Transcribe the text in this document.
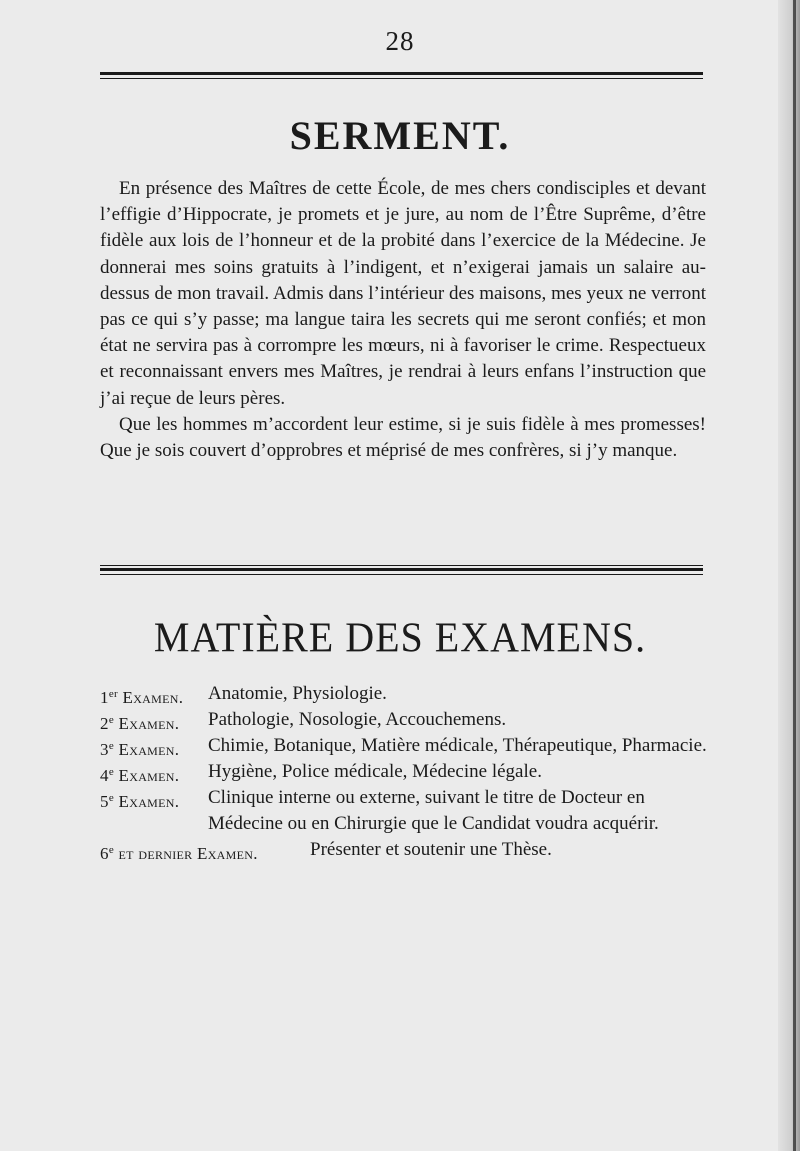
28
SERMENT.

En présence des Maîtres de cette École, de mes chers condisciples et devant l’effigie d’Hippocrate, je promets et je jure, au nom de l’Être Suprême, d’être fidèle aux lois de l’honneur et de la probité dans l’exercice de la Médecine. Je donnerai mes soins gratuits à l’indigent, et n’exigerai jamais un salaire au-dessus de mon travail. Admis dans l’intérieur des maisons, mes yeux ne verront pas ce qui s’y passe; ma langue taira les secrets qui me seront confiés; et mon état ne servira pas à corrompre les mœurs, ni à favoriser le crime. Respectueux et reconnaissant envers mes Maîtres, je rendrai à leurs enfans l’instruction que j’ai reçue de leurs pères.

Que les hommes m’accordent leur estime, si je suis fidèle à mes promesses! Que je sois couvert d’opprobres et méprisé de mes confrères, si j’y manque.

MATIÈRE DES EXAMENS.
1er Examen.	Anatomie, Physiologie.
2e Examen.	Pathologie, Nosologie, Accouchemens.
3e Examen.	Chimie, Botanique, Matière médicale, Thérapeutique, Pharmacie.
4e Examen.	Hygiène, Police médicale, Médecine légale.
5e Examen.	Clinique interne ou externe, suivant le titre de Docteur en Médecine ou en Chirurgie que le Candidat voudra acquérir.
6e et dernier Examen.	Présenter et soutenir une Thèse.
